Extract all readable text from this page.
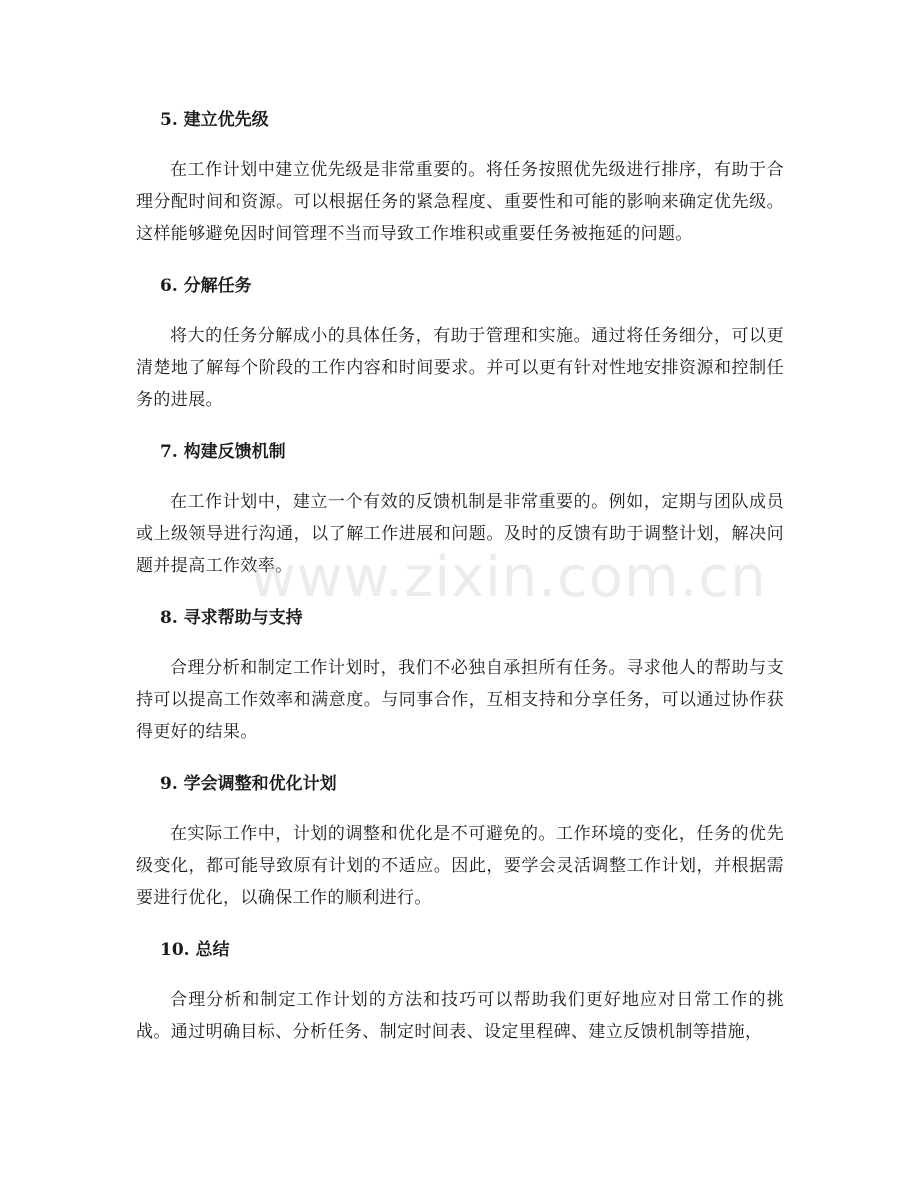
5. 建立优先级

在工作计划中建立优先级是非常重要的。将任务按照优先级进行排序，有助于合理分配时间和资源。可以根据任务的紧急程度、重要性和可能的影响来确定优先级。这样能够避免因时间管理不当而导致工作堆积或重要任务被拖延的问题。

6. 分解任务

将大的任务分解成小的具体任务，有助于管理和实施。通过将任务细分，可以更清楚地了解每个阶段的工作内容和时间要求。并可以更有针对性地安排资源和控制任务的进展。

7. 构建反馈机制

在工作计划中，建立一个有效的反馈机制是非常重要的。例如，定期与团队成员或上级领导进行沟通，以了解工作进展和问题。及时的反馈有助于调整计划，解决问题并提高工作效率。

8. 寻求帮助与支持

合理分析和制定工作计划时，我们不必独自承担所有任务。寻求他人的帮助与支持可以提高工作效率和满意度。与同事合作，互相支持和分享任务，可以通过协作获得更好的结果。

9. 学会调整和优化计划

在实际工作中，计划的调整和优化是不可避免的。工作环境的变化，任务的优先级变化，都可能导致原有计划的不适应。因此，要学会灵活调整工作计划，并根据需要进行优化，以确保工作的顺利进行。

10. 总结

合理分析和制定工作计划的方法和技巧可以帮助我们更好地应对日常工作的挑战。通过明确目标、分析任务、制定时间表、设定里程碑、建立反馈机制等措施，

www.zixin.com.cn
